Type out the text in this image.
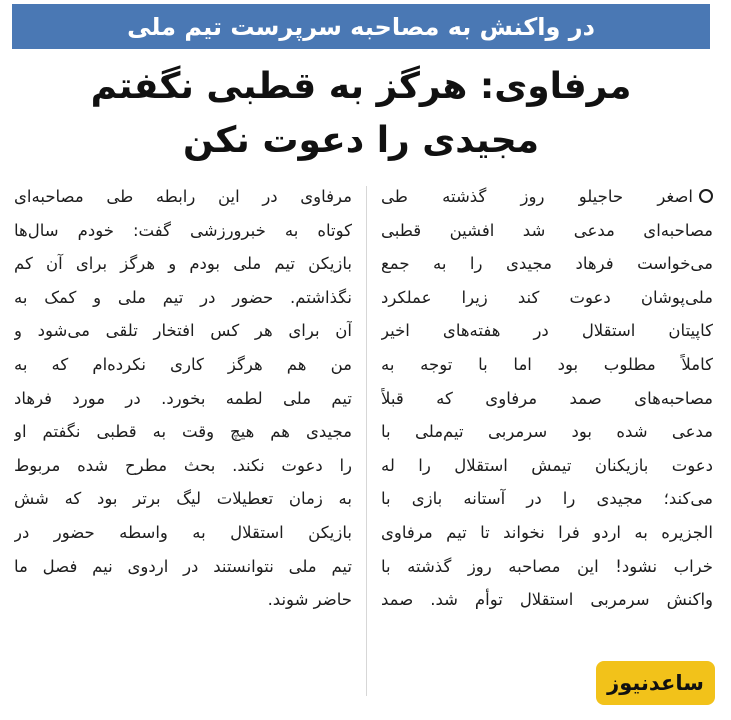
در واکنش به مصاحبه سرپرست تیم ملی
مرفاوی: هرگز به قطبی نگفتم
مجیدی را دعوت نکن
اصغر حاجیلو روز گذشته طی
مصاحبه‌ای مدعی شد افشین قطبی
می‌خواست فرهاد مجیدی را به جمع
ملی‌پوشان دعوت کند زیرا عملکرد
کاپیتان استقلال در هفته‌های اخیر
کاملاً مطلوب بود اما با توجه به
مصاحبه‌های صمد مرفاوی که قبلاً
مدعی شده بود سرمربی تیم‌ملی با
دعوت بازیکنان تیمش استقلال را له
می‌کند؛ مجیدی را در آستانه بازی با
الجزیره به اردو فرا نخواند تا تیم مرفاوی
خراب نشود! این مصاحبه روز گذشته با
واکنش سرمربی استقلال توأم شد. صمد
مرفاوی در این رابطه طی مصاحبه‌ای
کوتاه به خبرورزشی گفت: خودم سال‌ها
بازیکن تیم ملی بودم و هرگز برای آن کم
نگذاشتم. حضور در تیم ملی و کمک به
آن برای هر کس افتخار تلقی می‌شود و
من هم هرگز کاری نکرده‌ام که به
تیم ملی لطمه بخورد. در مورد فرهاد
مجیدی هم هیچ وقت به قطبی نگفتم او
را دعوت نکند. بحث مطرح شده مربوط
به زمان تعطیلات لیگ برتر بود که شش
بازیکن استقلال به واسطه حضور در
تیم ملی نتوانستند در اردوی نیم فصل ما
حاضر شوند.
ساعدنیوز
